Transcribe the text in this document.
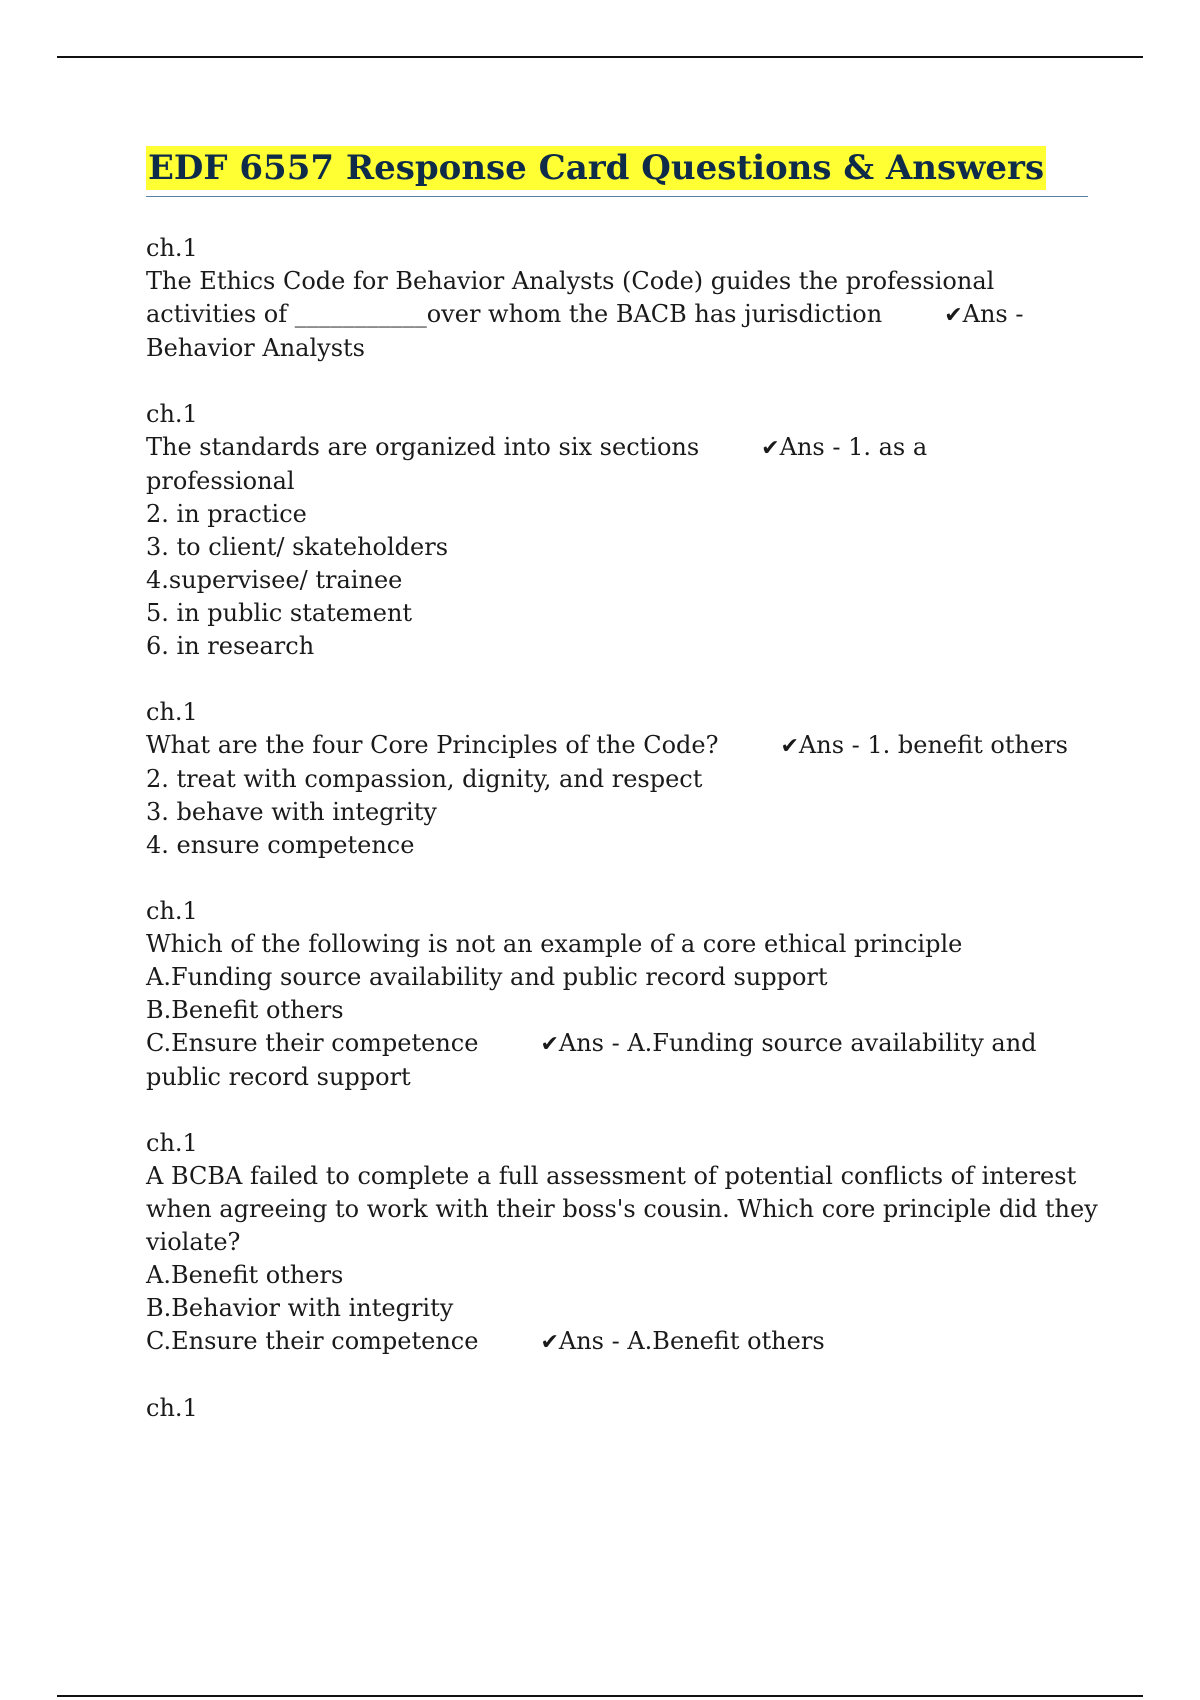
EDF 6557 Response Card Questions & Answers
ch.1
The Ethics Code for Behavior Analysts (Code) guides the professional
activities of ___________over whom the BACB has jurisdiction	✔Ans -
Behavior Analysts
ch.1
The standards are organized into six sections	✔Ans - 1. as a
professional
2. in practice
3. to client/ skateholders
4.supervisee/ trainee
5. in public statement
6. in research
ch.1
What are the four Core Principles of the Code?	✔Ans - 1. benefit others
2. treat with compassion, dignity, and respect
3. behave with integrity
4. ensure competence
ch.1
Which of the following is not an example of a core ethical principle
A.Funding source availability and public record support
B.Benefit others
C.Ensure their competence	✔Ans - A.Funding source availability and
public record support
ch.1
A BCBA failed to complete a full assessment of potential conflicts of interest
when agreeing to work with their boss's cousin. Which core principle did they
violate?
A.Benefit others
B.Behavior with integrity
C.Ensure their competence	✔Ans - A.Benefit others
ch.1
